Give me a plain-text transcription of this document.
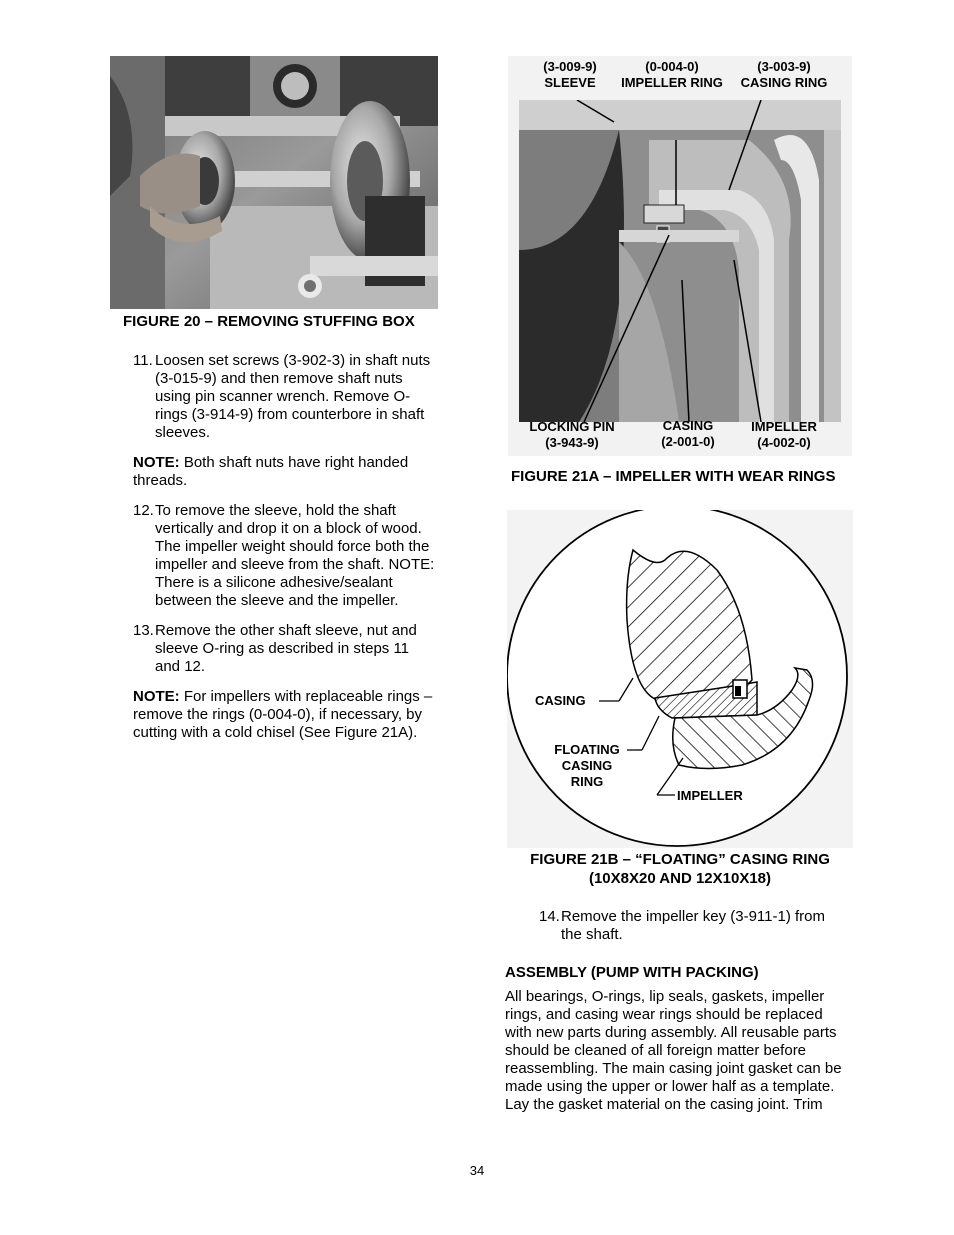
FIGURE 20 – REMOVING STUFFING BOX
11. Loosen set screws (3-902-3) in shaft nuts
(3-015-9) and then remove shaft nuts
using pin scanner wrench. Remove O-
rings (3-914-9) from counterbore in shaft
sleeves.
NOTE: Both shaft nuts have right handed
threads.
12. To remove the sleeve, hold the shaft
vertically and drop it on a block of wood.
The impeller weight should force both the
impeller and sleeve from the shaft. NOTE:
There is a silicone adhesive/sealant
between the sleeve and the impeller.
13. Remove the other shaft sleeve, nut and
sleeve O-ring as described in steps 11
and 12.
NOTE: For impellers with replaceable rings –
remove the rings (0-004-0), if necessary, by
cutting with a cold chisel (See Figure 21A).
(3-009-9)
SLEEVE
(0-004-0)
IMPELLER RING
(3-003-9)
CASING RING
LOCKING PIN
(3-943-9)
CASING
(2-001-0)
IMPELLER
(4-002-0)
FIGURE 21A – IMPELLER WITH WEAR RINGS
CASING
FLOATING
CASING
RING
IMPELLER
FIGURE 21B – “FLOATING” CASING RING
(10X8X20 AND 12X10X18)
14. Remove the impeller key (3-911-1) from
the shaft.
ASSEMBLY (PUMP WITH PACKING)
All bearings, O-rings, lip seals, gaskets, impeller
rings, and casing wear rings should be replaced
with new parts during assembly. All reusable parts
should be cleaned of all foreign matter before
reassembling. The main casing joint gasket can be
made using the upper or lower half as a template.
Lay the gasket material on the casing joint. Trim
34
